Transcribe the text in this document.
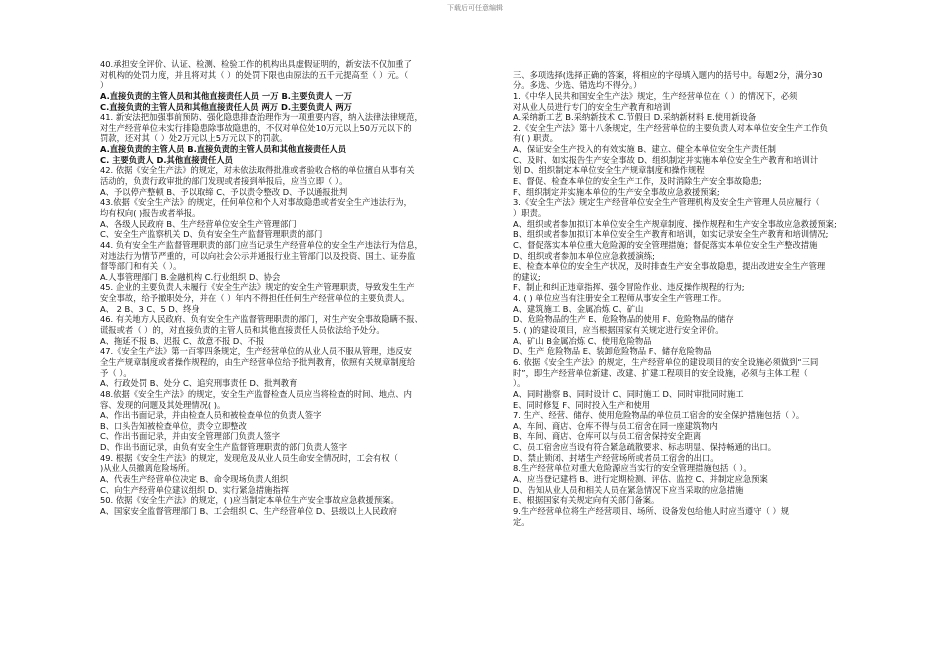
下载后可任意编辑
40.承担安全评价、认证、检测、检验工作的机构出具虚假证明的，新安法不仅加重了
对机构的处罚力度，并且将对其（ ）的处罚下限也由原法的五千元提高至（ ）元。（
）
A.直接负责的主管人员和其他直接责任人员 一万 B.主要负责人 一万
C.直接负责的主管人员和其他直接责任人员 两万 D.主要负责人 两万
41. 新安法把加强事前预防、强化隐患排查治理作为一项重要内容，纳入法律法律规范，
对生产经营单位未实行排隐患除事故隐患的，不仅对单位处10万元以上50万元以下的
罚款，还对其（ ）处2万元以上5万元以下的罚款。
A.直接负责的主管人员 B.直接负责的主管人员和其他直接责任人员
C. 主要负责人 D.其他直接责任人员
42. 依据《安全生产法》的规定，对未依法取得批准或者验收合格的单位擅自从事有关
活动的，负责行政审批的部门发现或者接到举报后，应当立即（ ）。
A、予以停产整顿 B、予以取缔 C、予以责令整改 D、予以通报批判
43.依据《安全生产法》的规定，任何单位和个人对事故隐患或者安全生产违法行为，
均有权向( )报告或者举报。
A、各级人民政府 B、生产经营单位安全生产管理部门
C、安全生产监察机关 D、负有安全生产监督管理职责的部门
44. 负有安全生产监督管理职责的部门应当记录生产经营单位的安全生产违法行为信息，
对违法行为情节严重的，可以向社会公示并通报行业主管部门以及投资、国土、证券监
督等部门和有关（ ）。
A.人事管理部门 B.金融机构 C.行业组织 D、协会
45. 企业的主要负责人未履行《安全生产法》规定的安全生产管理职责，导致发生生产
安全事故，给予撤职处分，并在（ ）年内不得担任任何生产经营单位的主要负责人。
A、 2 B、3 C、5 D、终身
46. 有关地方人民政府、负有安全生产监督管理职责的部门，对生产安全事故隐瞒不报、
谎报或者（ ）的，对直接负责的主管人员和其他直接责任人员依法给予处分。
A、拖延不报 B、迟报 C、故意不报 D、不报
47.《安全生产法》第一百零四条规定，生产经营单位的从业人员不服从管理，违反安
全生产规章制度或者操作规程的，由生产经营单位给予批判教育，依照有关规章制度给
予（ ）。
A、行政处罚 B、处分 C、追究刑事责任 D、批判教育
48.依据《安全生产法》的规定，安全生产监督检查人员应当将检查的时间、地点、内
容、发现的问题及其处理情况( )。
A、作出书面记录，并由检查人员和被检查单位的负责人签字
B、口头告知被检查单位，责令立即整改
C、作出书面记录，并由安全管理部门负责人签字
D、作出书面记录，由负有安全生产监督管理职责的部门负责人签字
49. 根据《安全生产法》的规定，发现危及从业人员生命安全情况时，工会有权（
)从业人员撤离危险场所。
A、代表生产经营单位决定 B、命令现场负责人组织
C、向生产经营单位建议组织 D、实行紧急措施指挥
50. 依据《安全生产法》的规定，( )应当制定本单位生产安全事故应急救援预案。
A、国家安全监督管理部门 B、工会组织 C、生产经营单位 D、县级以上人民政府
三、多项选择(选择正确的答案，将相应的字母填入题内的括号中。每题2分，满分30
分。多选、少选、错选均不得分。）
1.《中华人民共和国安全生产法》规定，生产经营单位在（ ）的情况下，必须
对从业人员进行专门的安全生产教育和培训
A.采纳新工艺 B.采纳新技术 C.节假日 D.采纳新材料 E.使用新设备
2.《安全生产法》第十八条规定，生产经营单位的主要负责人对本单位安全生产工作负
有( ) 职责。
A、保证安全生产投入的有效实施 B、建立、健全本单位安全生产责任制
C、及时、如实报告生产安全事故 D、组织制定并实施本单位安全生产教育和培训计
划 D、组织制定本单位安全生产规章制度和操作规程
E、督促、检查本单位的安全生产工作，及时消除生产安全事故隐患;
F、组织制定并实施本单位的生产安全事故应急救援预案;
3.《安全生产法》规定生产经营单位安全生产管理机构及安全生产管理人员应履行（
）职责。
A、组织或者参加拟订本单位安全生产规章制度、操作规程和生产安全事故应急救援预案;
B、组织或者参加拟订本单位安全生产教育和培训，如实记录安全生产教育和培训情况;
C、督促落实本单位重大危险源的安全管理措施；督促落实本单位安全生产整改措施
D、组织或者参加本单位应急救援演练;
E、检查本单位的安全生产状况，及时排查生产安全事故隐患，提出改进安全生产管理
的建议;
F、制止和纠正违章指挥、强令冒险作业、违反操作规程的行为;
4. ( ) 单位应当有注册安全工程师从事安全生产管理工作。
A、建筑施工 B、金属冶炼 C、矿山
D、危险物品的生产 E、危险物品的使用 F、危险物品的储存
5. ( )的建设项目，应当根据国家有关规定进行安全评价。
A、矿山 B金属冶炼 C、使用危险物品
D、生产 危险物品 E、装卸危险物品 F、储存危险物品
6. 依据《安全生产法》的规定，生产经营单位的建设项目的安全设施必须做到“三同
时”，即生产经营单位新建、改建、扩建工程项目的安全设施，必须与主体工程（
）。
A、同时勘察 B、同时设计 C、同时施工 D、同时审批同时施工
E、同时修复 F、同时投入生产和使用
7. 生产、经营、储存、使用危险物品的单位员工宿舍的安全保护措施包括（ ）。
A、车间、商店、仓库不得与员工宿舍在同一座建筑物内
B、车间、商店、仓库可以与员工宿舍保持安全距离
C、员工宿舍应当设有符合紧急疏散要求、标志明显、保持畅通的出口。
D、禁止锁闭、封堵生产经营场所或者员工宿舍的出口。
8.生产经营单位对重大危险源应当实行的安全管理措施包括（ ）。
A、应当登记建档 B、进行定期检测、评估、监控 C、并制定应急预案
D、告知从业人员和相关人员在紧急情况下应当采取的应急措施
E、根据国家有关规定向有关部门备案。
9.生产经营单位将生产经营项目、场所、设备发包给他人时应当遵守（ ）规
定。
